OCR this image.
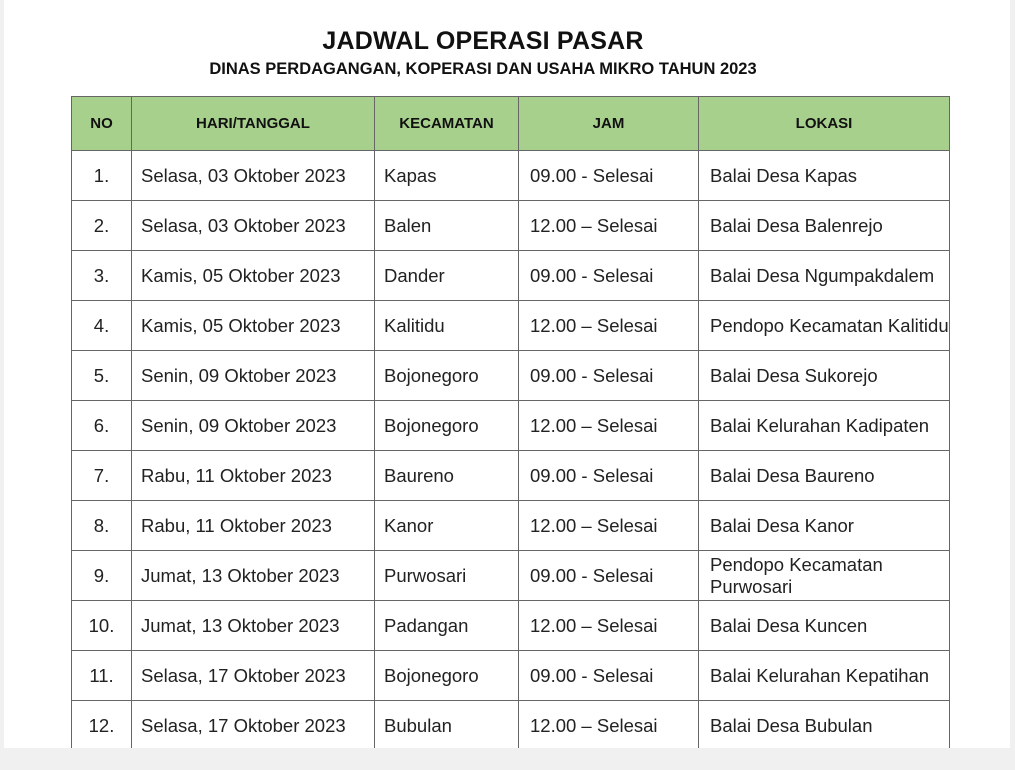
JADWAL OPERASI PASAR
DINAS PERDAGANGAN, KOPERASI DAN USAHA MIKRO TAHUN 2023
NO	HARI/TANGGAL	KECAMATAN	JAM	LOKASI
1.	Selasa, 03 Oktober 2023	Kapas	09.00 - Selesai	Balai Desa Kapas
2.	Selasa, 03 Oktober 2023	Balen	12.00 – Selesai	Balai Desa Balenrejo
3.	Kamis, 05 Oktober 2023	Dander	09.00 - Selesai	Balai Desa Ngumpakdalem
4.	Kamis, 05 Oktober 2023	Kalitidu	12.00 – Selesai	Pendopo Kecamatan Kalitidu
5.	Senin, 09 Oktober 2023	Bojonegoro	09.00 - Selesai	Balai Desa Sukorejo
6.	Senin, 09 Oktober 2023	Bojonegoro	12.00 – Selesai	Balai Kelurahan Kadipaten
7.	Rabu, 11 Oktober 2023	Baureno	09.00 - Selesai	Balai Desa Baureno
8.	Rabu, 11 Oktober 2023	Kanor	12.00 – Selesai	Balai Desa Kanor
9.	Jumat, 13 Oktober 2023	Purwosari	09.00 - Selesai	Pendopo Kecamatan Purwosari
10.	Jumat, 13 Oktober 2023	Padangan	12.00 – Selesai	Balai Desa Kuncen
11.	Selasa, 17 Oktober 2023	Bojonegoro	09.00 - Selesai	Balai Kelurahan Kepatihan
12.	Selasa, 17 Oktober 2023	Bubulan	12.00 – Selesai	Balai Desa Bubulan
